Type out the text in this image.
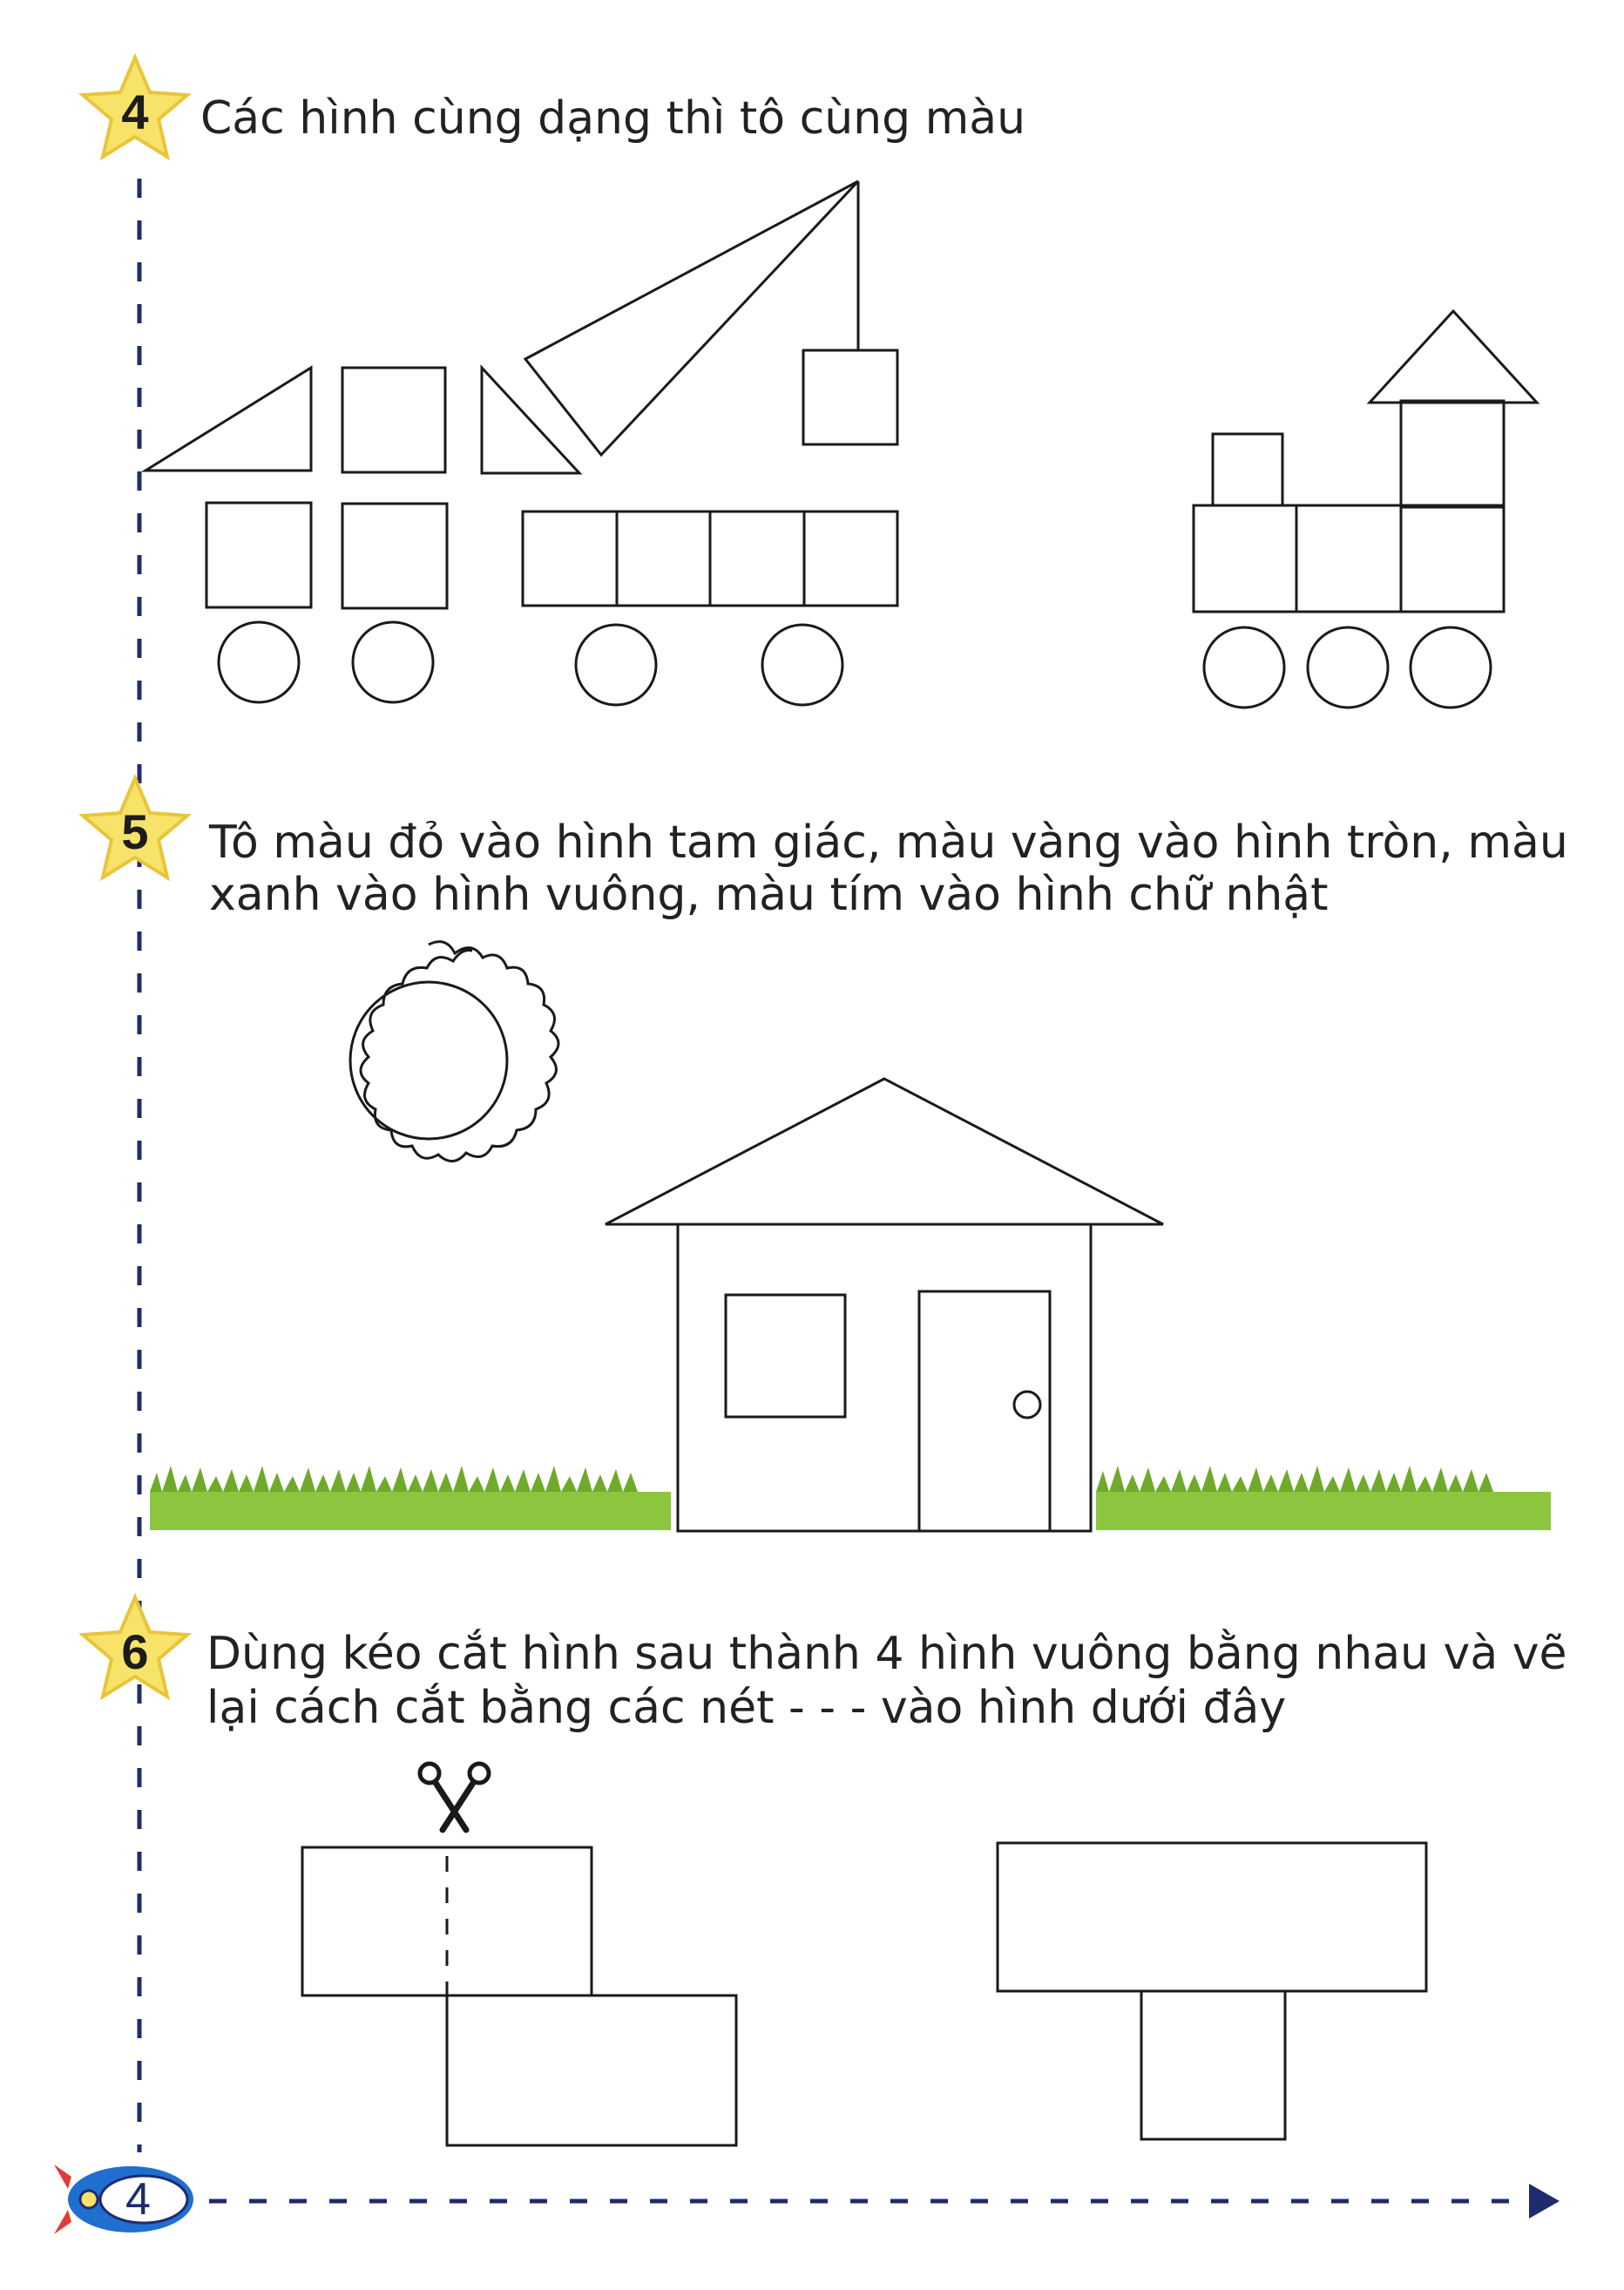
4
5
6
Các hình cùng dạng thì tô cùng màu
Tô màu đỏ vào hình tam giác, màu vàng vào hình tròn, màu
xanh vào hình vuông, màu tím vào hình chữ nhật
Dùng kéo cắt hình sau thành 4 hình vuông bằng nhau và vẽ
lại cách cắt bằng các nét - - - vào hình dưới đây
4
